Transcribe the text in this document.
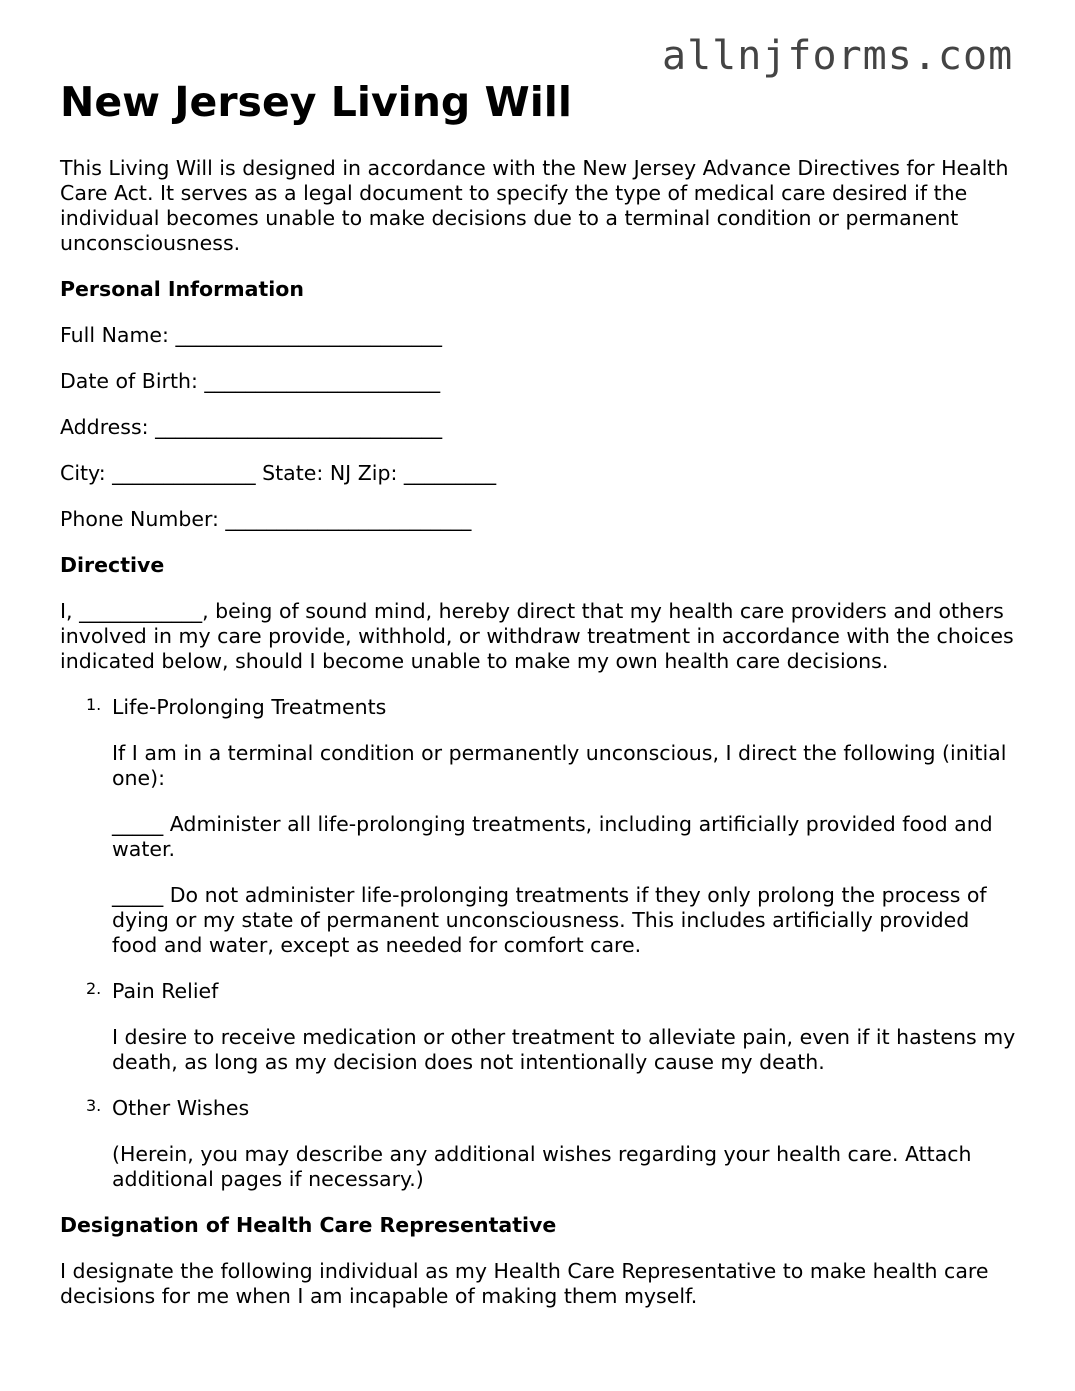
allnjforms.com
New Jersey Living Will

This Living Will is designed in accordance with the New Jersey Advance Directives for Health Care Act. It serves as a legal document to specify the type of medical care desired if the individual becomes unable to make decisions due to a terminal condition or permanent unconsciousness.

Personal Information

Full Name: __________________________

Date of Birth: _______________________

Address: ____________________________

City: ______________ State: NJ Zip: _________

Phone Number: ________________________

Directive

I, ____________, being of sound mind, hereby direct that my health care providers and others involved in my care provide, withhold, or withdraw treatment in accordance with the choices indicated below, should I become unable to make my own health care decisions.

1. Life-Prolonging Treatments

If I am in a terminal condition or permanently unconscious, I direct the following (initial one):

_____ Administer all life-prolonging treatments, including artificially provided food and water.

_____ Do not administer life-prolonging treatments if they only prolong the process of dying or my state of permanent unconsciousness. This includes artificially provided food and water, except as needed for comfort care.

2. Pain Relief

I desire to receive medication or other treatment to alleviate pain, even if it hastens my death, as long as my decision does not intentionally cause my death.

3. Other Wishes

(Herein, you may describe any additional wishes regarding your health care. Attach additional pages if necessary.)

Designation of Health Care Representative

I designate the following individual as my Health Care Representative to make health care decisions for me when I am incapable of making them myself.
